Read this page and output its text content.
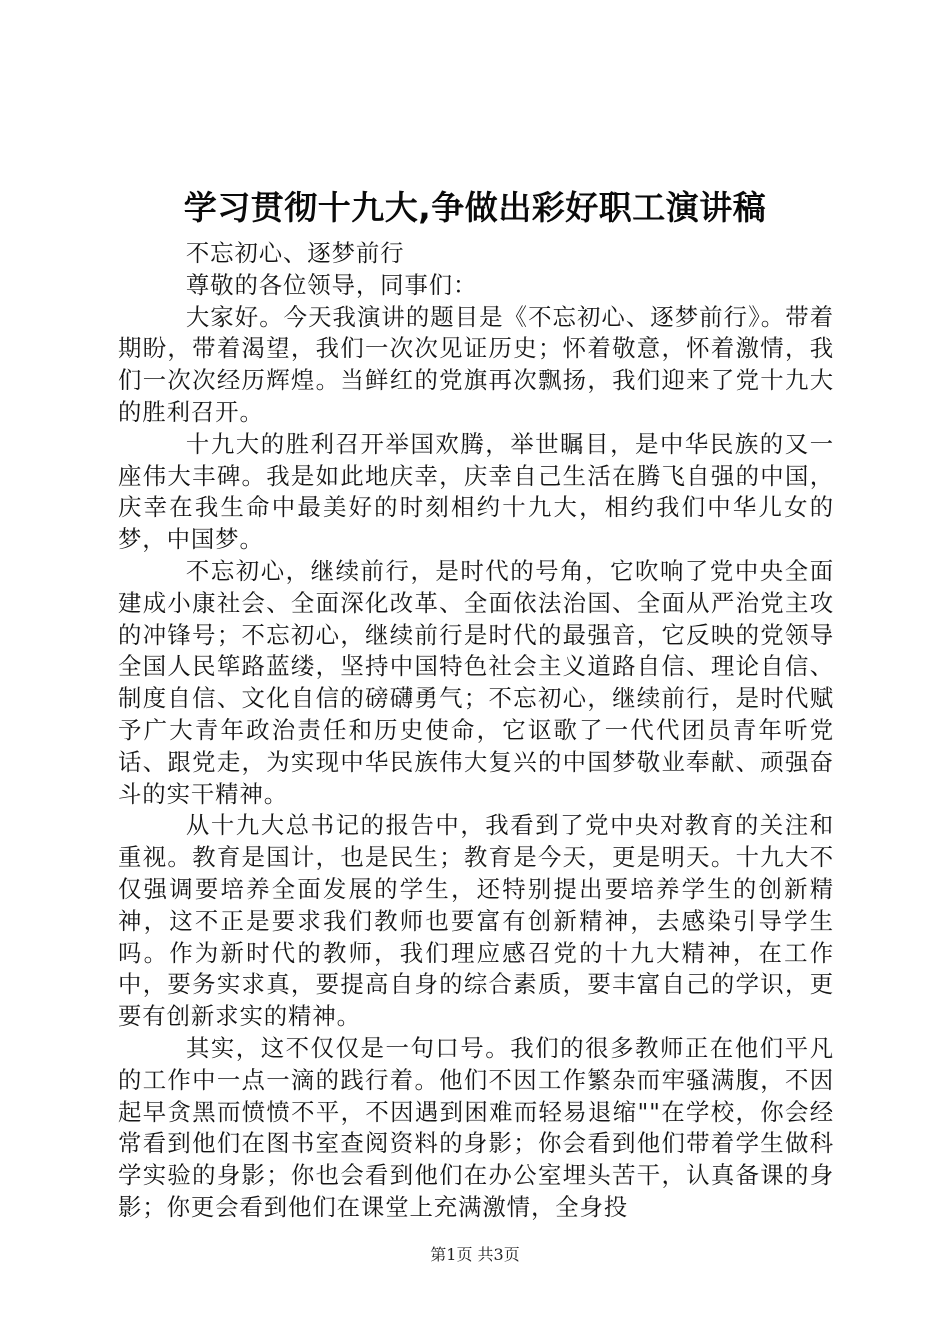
学习贯彻十九大,争做出彩好职工演讲稿

不忘初心、逐梦前行

尊敬的各位领导，同事们：

大家好。今天我演讲的题目是《不忘初心、逐梦前行》。带着期盼，带着渴望，我们一次次见证历史；怀着敬意，怀着激情，我们一次次经历辉煌。当鲜红的党旗再次飘扬，我们迎来了党十九大的胜利召开。

十九大的胜利召开举国欢腾，举世瞩目，是中华民族的又一座伟大丰碑。我是如此地庆幸，庆幸自己生活在腾飞自强的中国，庆幸在我生命中最美好的时刻相约十九大，相约我们中华儿女的梦，中国梦。

不忘初心，继续前行，是时代的号角，它吹响了党中央全面建成小康社会、全面深化改革、全面依法治国、全面从严治党主攻的冲锋号；不忘初心，继续前行是时代的最强音，它反映的党领导全国人民筚路蓝缕，坚持中国特色社会主义道路自信、理论自信、制度自信、文化自信的磅礴勇气；不忘初心，继续前行，是时代赋予广大青年政治责任和历史使命，它讴歌了一代代团员青年听党话、跟党走，为实现中华民族伟大复兴的中国梦敬业奉献、顽强奋斗的实干精神。

从十九大总书记的报告中，我看到了党中央对教育的关注和重视。教育是国计，也是民生；教育是今天，更是明天。十九大不仅强调要培养全面发展的学生，还特别提出要培养学生的创新精神，这不正是要求我们教师也要富有创新精神，去感染引导学生吗。作为新时代的教师，我们理应感召党的十九大精神，在工作中，要务实求真，要提高自身的综合素质，要丰富自己的学识，更要有创新求实的精神。

其实，这不仅仅是一句口号。我们的很多教师正在他们平凡的工作中一点一滴的践行着。他们不因工作繁杂而牢骚满腹，不因起早贪黑而愤愤不平，不因遇到困难而轻易退缩""在学校，你会经常看到他们在图书室查阅资料的身影；你会看到他们带着学生做科学实验的身影；你也会看到他们在办公室埋头苦干，认真备课的身影；你更会看到他们在课堂上充满激情，全身投

第1页 共3页
